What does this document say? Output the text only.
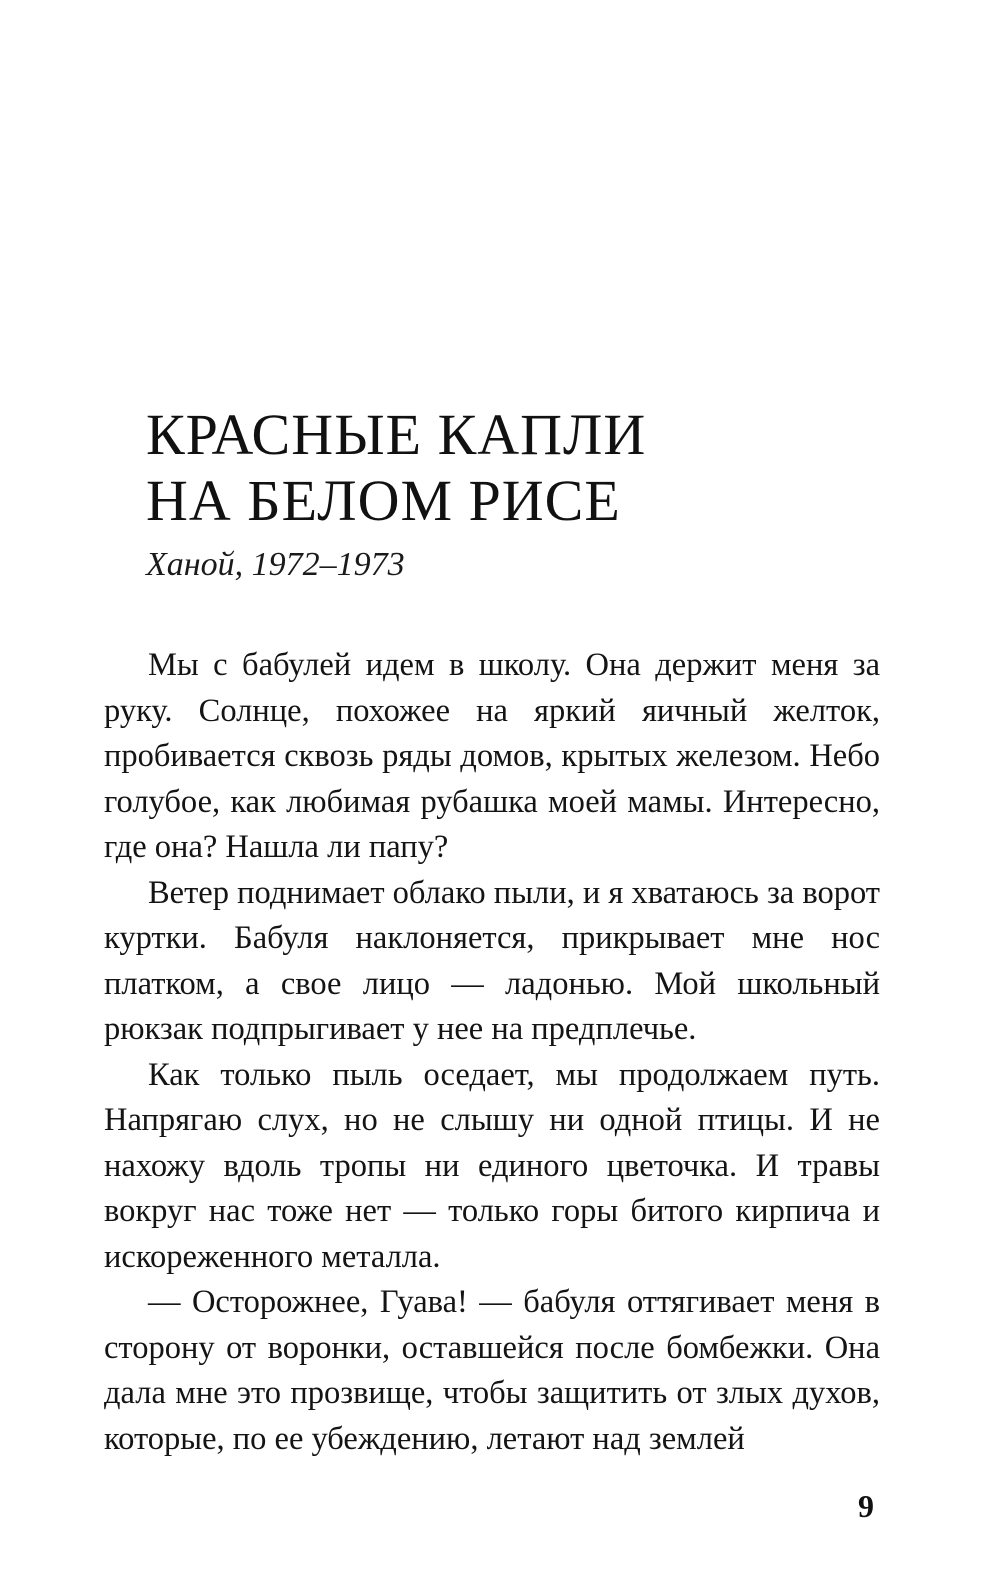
КРАСНЫЕ КАПЛИ
НА БЕЛОМ РИСЕ

Ханой, 1972–1973

Мы с бабулей идем в школу. Она держит меня за руку. Солнце, похожее на яркий яичный желток, пробивается сквозь ряды домов, крытых железом. Небо голубое, как любимая рубашка моей мамы. Интересно, где она? Нашла ли папу?

Ветер поднимает облако пыли, и я хватаюсь за ворот куртки. Бабуля наклоняется, прикрывает мне нос платком, а свое лицо — ладонью. Мой школьный рюкзак подпрыгивает у нее на предплечье.

Как только пыль оседает, мы продолжаем путь. Напрягаю слух, но не слышу ни одной птицы. И не нахожу вдоль тропы ни единого цветочка. И травы вокруг нас тоже нет — только горы битого кирпича и искореженного металла.

— Осторожнее, Гуава! — бабуля оттягивает меня в сторону от воронки, оставшейся после бомбежки. Она дала мне это прозвище, чтобы защитить от злых духов, которые, по ее убеждению, летают над землей

9
